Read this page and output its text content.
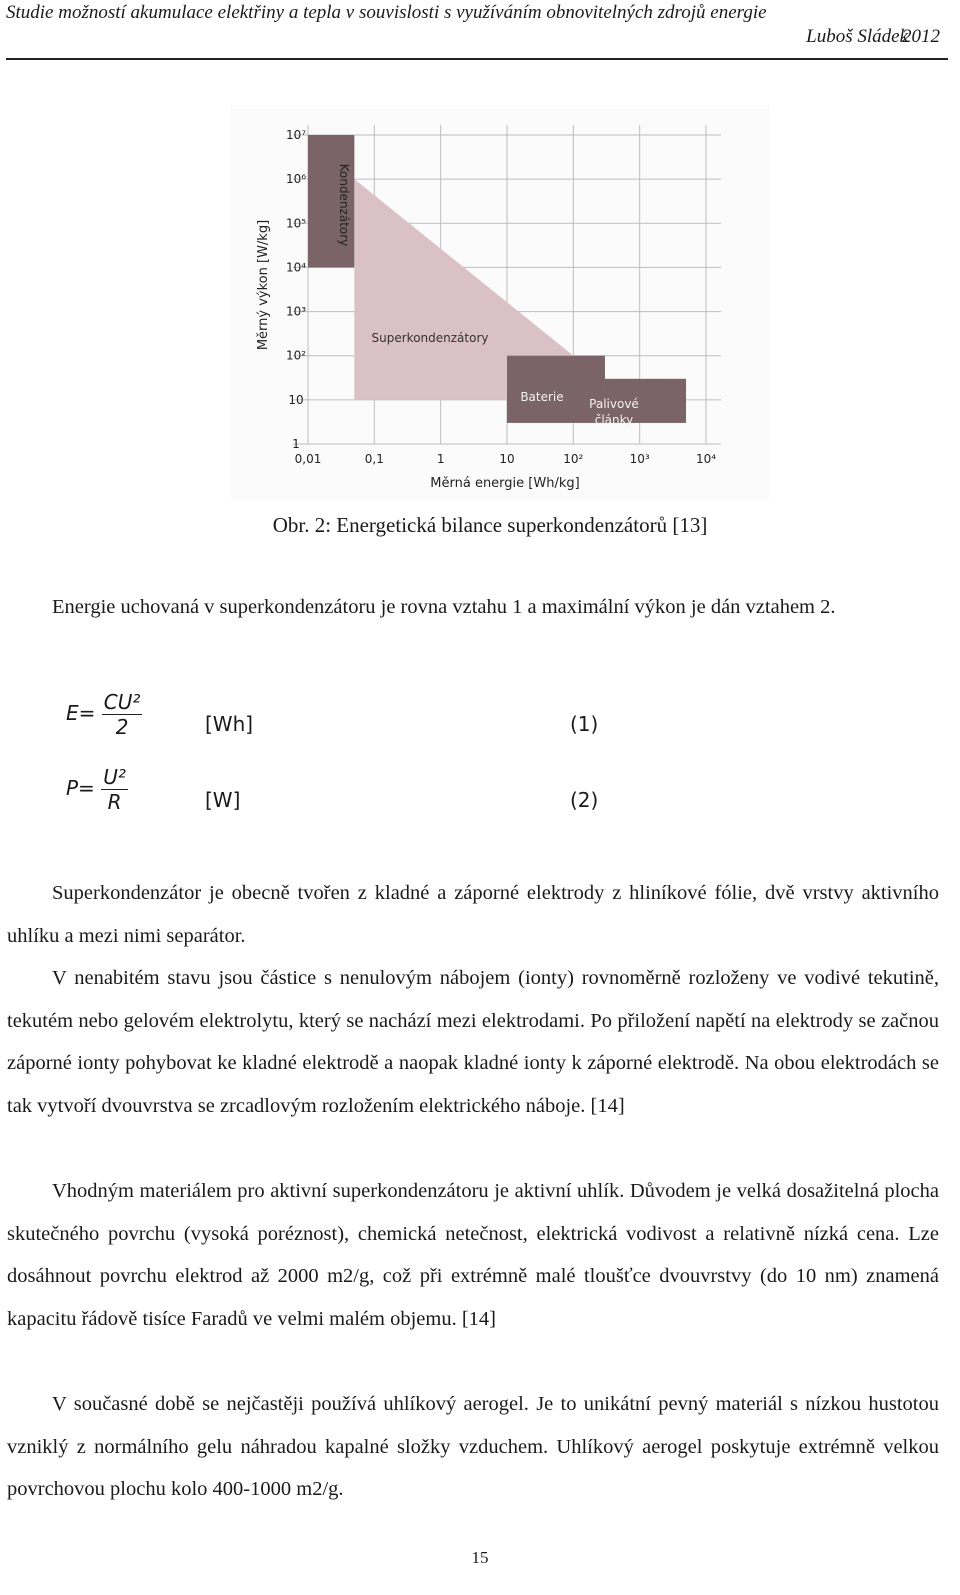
Studie možností akumulace elektřiny a tepla v souvislosti s využíváním obnovitelných zdrojů energie
Luboš Sládek
2012
Kondenzátory
Superkondenzátory
Baterie Palivové
články
0,01	0,1	1	10	10²	10³	10⁴
1
10
10²
10³
10⁴
10⁵
10⁶
10⁷
Měrná energie [Wh/kg]
Měrný výkon [W/kg]
Obr. 2: Energetická bilance superkondenzátorů [13]
Energie uchovaná v superkondenzátoru je rovna vztahu 1 a maximální výkon je dán vztahem 2.
$E= \frac{\text{CU²}}{2}$	[Wh]	(1)
$P= \frac{\text{U²}}{R}$	[W]	(2)
Superkondenzátor je obecně tvořen z kladné a záporné elektrody z hliníkové fólie, dvě vrstvy aktivního uhlíku a mezi nimi separátor.
V nenabitém stavu jsou částice s nenulovým nábojem (ionty) rovnoměrně rozloženy ve vodivé tekutině, tekutém nebo gelovém elektrolytu, který se nachází mezi elektrodami. Po přiložení napětí na elektrody se začnou záporné ionty pohybovat ke kladné elektrodě a naopak kladné ionty k záporné elektrodě. Na obou elektrodách se tak vytvoří dvouvrstva se zrcadlovým rozložením elektrického náboje. [14]
Vhodným materiálem pro aktivní superkondenzátoru je aktivní uhlík. Důvodem je velká dosažitelná plocha skutečného povrchu (vysoká poréznost), chemická netečnost, elektrická vodivost a relativně nízká cena. Lze dosáhnout povrchu elektrod až 2000 m2/g, což při extrémně malé tloušťce dvouvrstvy (do 10 nm) znamená kapacitu řádově tisíce Faradů ve velmi malém objemu. [14]
V současné době se nejčastěji používá uhlíkový aerogel. Je to unikátní pevný materiál s nízkou hustotou vzniklý z normálního gelu náhradou kapalné složky vzduchem. Uhlíkový aerogel poskytuje extrémně velkou povrchovou plochu kolo 400-1000 m2/g.
15
